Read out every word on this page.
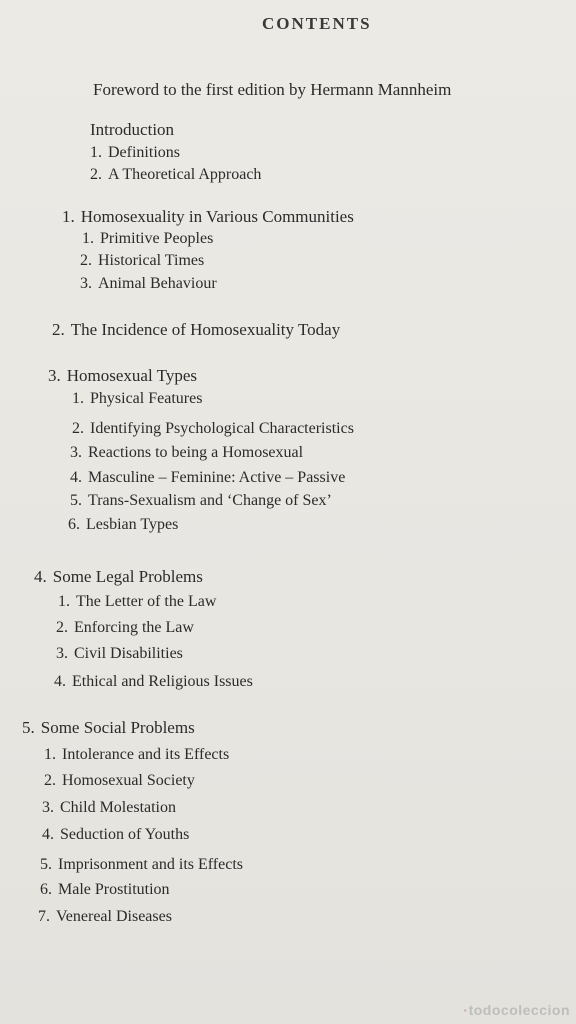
CONTENTS
Foreword to the first edition by Hermann Mannheim
Introduction
1. Definitions
2. A Theoretical Approach
1. Homosexuality in Various Communities
1. Primitive Peoples
2. Historical Times
3. Animal Behaviour
2. The Incidence of Homosexuality Today
3. Homosexual Types
1. Physical Features
2. Identifying Psychological Characteristics
3. Reactions to being a Homosexual
4. Masculine – Feminine: Active – Passive
5. Trans-Sexualism and ‘Change of Sex’
6. Lesbian Types
4. Some Legal Problems
1. The Letter of the Law
2. Enforcing the Law
3. Civil Disabilities
4. Ethical and Religious Issues
5. Some Social Problems
1. Intolerance and its Effects
2. Homosexual Society
3. Child Molestation
4. Seduction of Youths
5. Imprisonment and its Effects
6. Male Prostitution
7. Venereal Diseases
·todocoleccion
